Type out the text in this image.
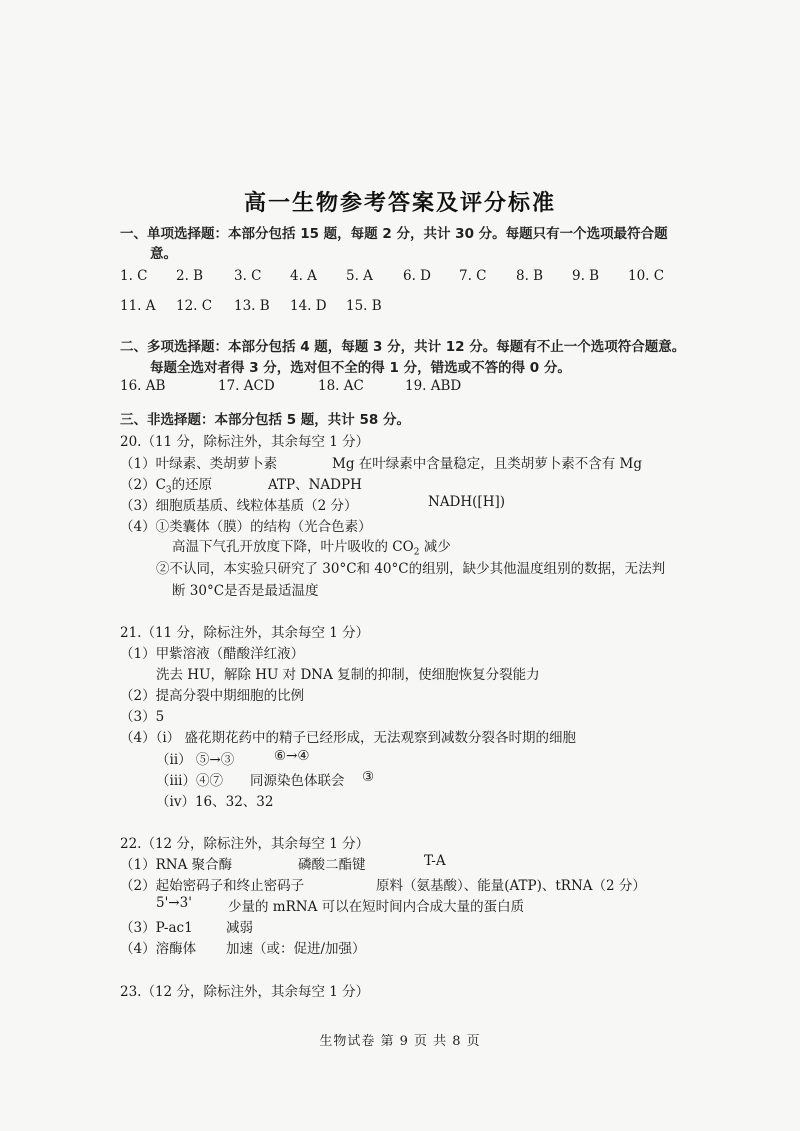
高一生物参考答案及评分标准
一、单项选择题：本部分包括 15 题，每题 2 分，共计 30 分。每题只有一个选项最符合题
意。
1. C 2. B 3. C 4. A 5. A 6. D 7. C 8. B 9. B 10. C
11. A 12. C 13. B 14. D 15. B
二、多项选择题：本部分包括 4 题，每题 3 分，共计 12 分。每题有不止一个选项符合题意。
每题全选对者得 3 分，选对但不全的得 1 分，错选或不答的得 0 分。
16. AB	17. ACD	18. AC	19. ABD
三、非选择题：本部分包括 5 题，共计 58 分。
20.（11 分，除标注外，其余每空 1 分）
（1）叶绿素、类胡萝卜素	Mg 在叶绿素中含量稳定，且类胡萝卜素不含有 Mg
$(2)C_3$的还原	ATP、NADPH
（3）细胞质基质、线粒体基质（2 分）	NADH([H])
（4）①类囊体（膜）的结构（光合色素）
高温下气孔开放度下降，叶片吸收的 $CO_2$ 减少
②不认同，本实验只研究了 30°C和 40°C的组别，缺少其他温度组别的数据，无法判
断 30°C是否是最适温度
21.（11 分，除标注外，其余每空 1 分）
（1）甲紫溶液（醋酸洋红液）
洗去 HU，解除 HU 对 DNA 复制的抑制，使细胞恢复分裂能力
（2）提高分裂中期细胞的比例
（3）5
（4）（i） 盛花期花药中的精子已经形成，无法观察到减数分裂各时期的细胞
（ii） ⑤→③	⑥→④
（iii）④⑦ 同源染色体联会 ③
（iv）16、32、32
22.（12 分，除标注外，其余每空 1 分）
（1）RNA 聚合酶	磷酸二酯键	T-A
（2）起始密码子和终止密码子	原料（氨基酸）、能量(ATP)、tRNA（2 分）
5'→3'	少量的 mRNA 可以在短时间内合成大量的蛋白质
（3）P-ac1 减弱
（4）溶酶体 加速（或：促进/加强）
23.（12 分，除标注外，其余每空 1 分）
生物试卷 第 9 页 共 8 页
